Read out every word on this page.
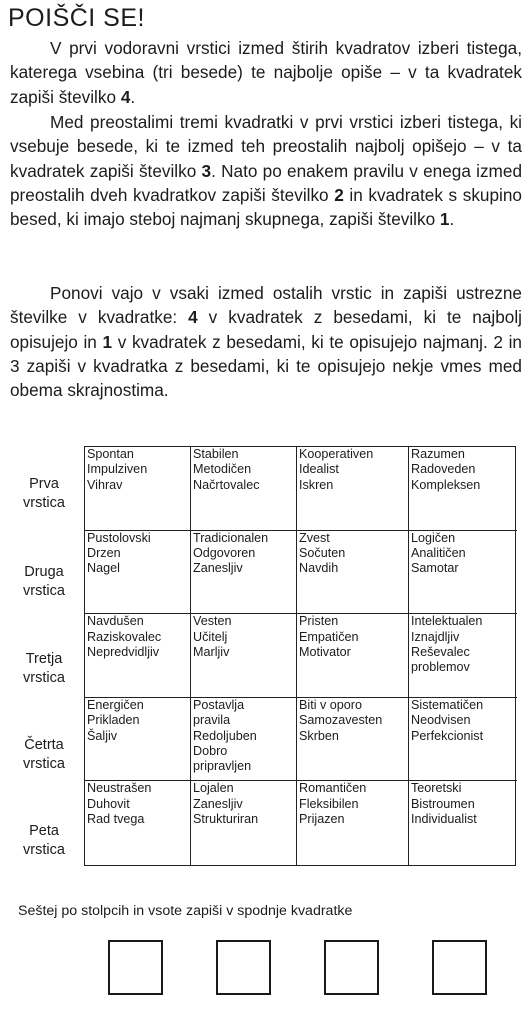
POIŠČI SE!

V prvi vodoravni vrstici izmed štirih kvadratov izberi tistega, katerega vsebina (tri besede) te najbolje opiše – v ta kvadratek zapiši številko 4.

Med preostalimi tremi kvadratki v prvi vrstici izberi tistega, ki vsebuje besede, ki te izmed teh preostalih najbolj opišejo – v ta kvadratek zapiši številko 3. Nato po enakem pravilu v enega izmed preostalih dveh kvadratkov zapiši številko 2 in kvadratek s skupino besed, ki imajo steboj najmanj skupnega, zapiši številko 1.

Ponovi vajo v vsaki izmed ostalih vrstic in zapiši ustrezne številke v kvadratke: 4 v kvadratek z besedami, ki te najbolj opisujejo in 1 v kvadratek z besedami, ki te opisujejo najmanj. 2 in 3 zapiši v kvadratka z besedami, ki te opisujejo nekje vmes med obema skrajnostima.

Prva
vrstica
Druga
vrstica
Tretja
vrstica
Četrta
vrstica
Peta
vrstica
Spontan
Impulziven
Vihrav
Stabilen
Metodičen
Načrtovalec
Kooperativen
Idealist
Iskren
Razumen
Radoveden
Kompleksen
Pustolovski
Drzen
Nagel
Tradicionalen
Odgovoren
Zanesljiv
Zvest
Sočuten
Navdih
Logičen
Analitičen
Samotar
Navdušen
Raziskovalec
Nepredvidljiv
Vesten
Učitelj
Marljiv
Pristen
Empatičen
Motivator
Intelektualen
Iznajdljiv
Reševalec
problemov
Energičen
Prikladen
Šaljiv
Postavlja
pravila
Redoljuben
Dobro
pripravljen
Biti v oporo
Samozavesten
Skrben
Sistematičen
Neodvisen
Perfekcionist
Neustrašen
Duhovit
Rad tvega
Lojalen
Zanesljiv
Strukturiran
Romantičen
Fleksibilen
Prijazen
Teoretski
Bistroumen
Individualist
Seštej po stolpcih in vsote zapiši v spodnje kvadratke
